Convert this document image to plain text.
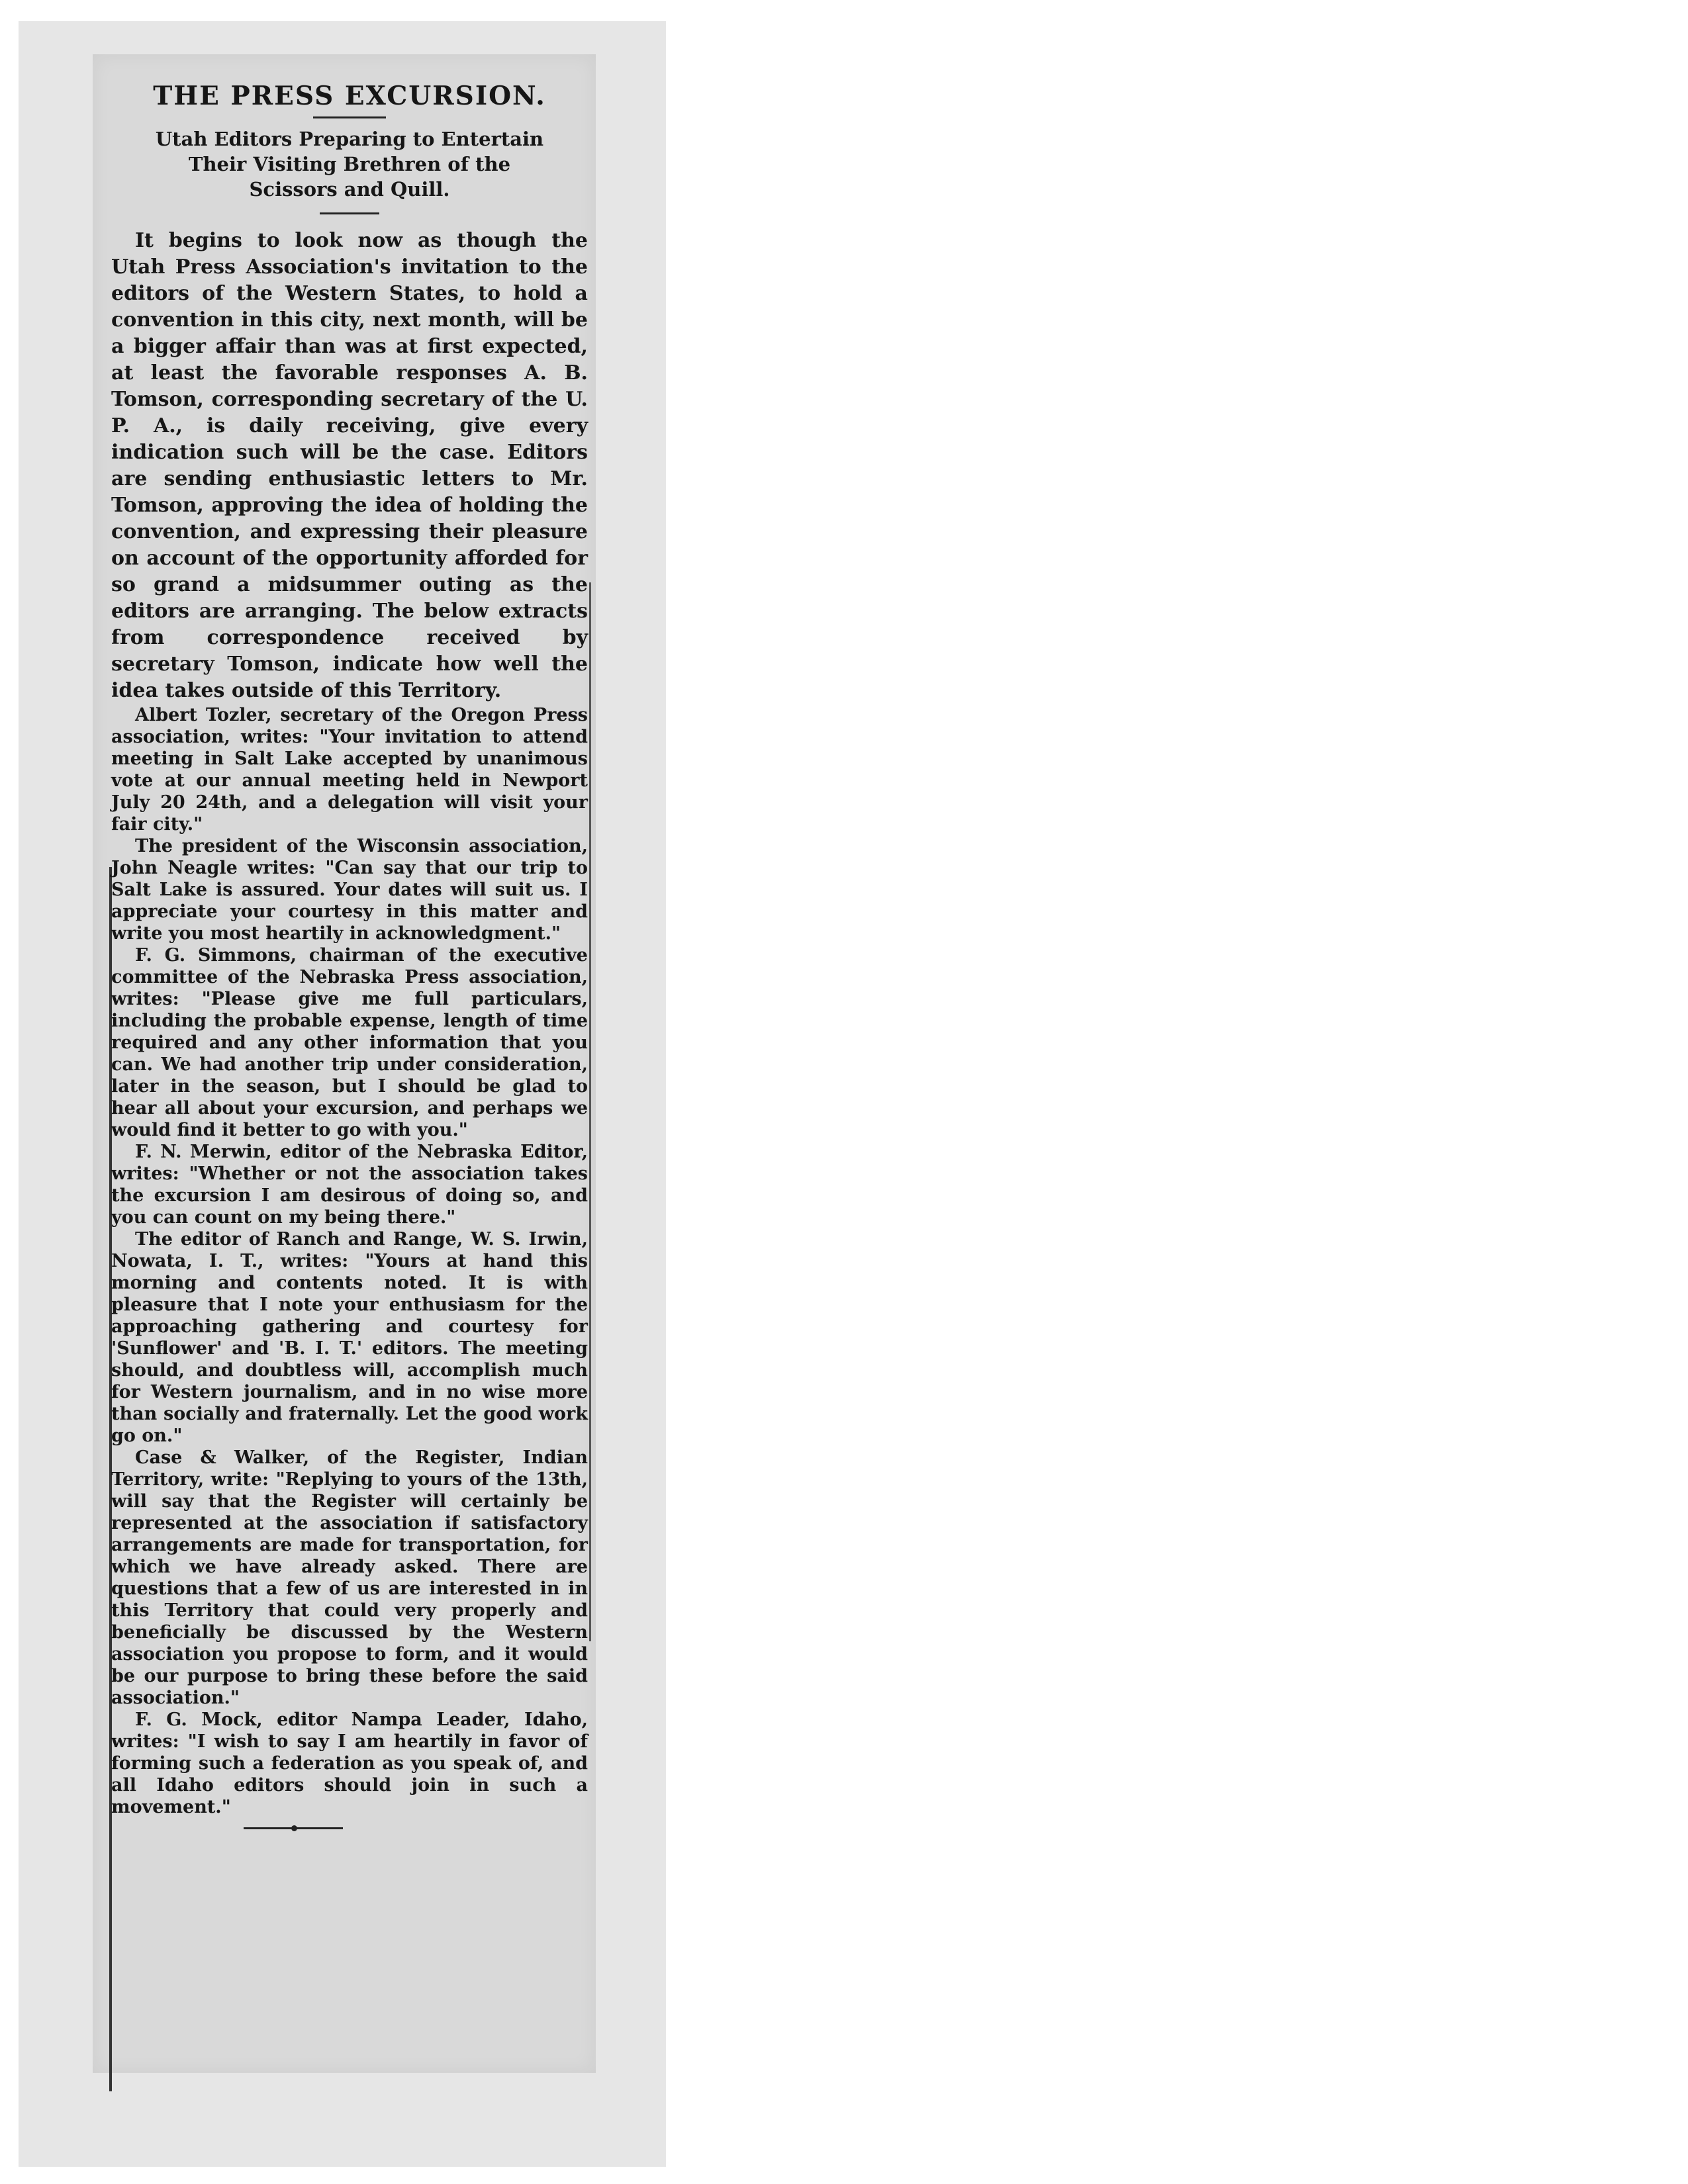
THE PRESS EXCURSION.
Utah Editors Preparing to Entertain Their Visiting Brethren of the Scissors and Quill.

It begins to look now as though the Utah Press Association's invitation to the editors of the Western States, to hold a convention in this city, next month, will be a bigger affair than was at first expected, at least the favorable responses A. B. Tomson, corresponding secretary of the U. P. A., is daily receiving, give every indication such will be the case. Editors are sending enthusiastic letters to Mr. Tomson, approving the idea of holding the convention, and expressing their pleasure on account of the opportunity afforded for so grand a midsummer outing as the editors are arranging. The below extracts from correspondence received by secretary Tomson, indicate how well the idea takes outside of this Territory.

Albert Tozler, secretary of the Oregon Press association, writes: "Your invitation to attend meeting in Salt Lake accepted by unanimous vote at our annual meeting held in Newport July 20 24th, and a delegation will visit your fair city."

The president of the Wisconsin association, John Neagle writes: "Can say that our trip to Salt Lake is assured. Your dates will suit us. I appreciate your courtesy in this matter and write you most heartily in acknowledgment."

F. G. Simmons, chairman of the executive committee of the Nebraska Press association, writes: "Please give me full particulars, including the probable expense, length of time required and any other information that you can. We had another trip under consideration, later in the season, but I should be glad to hear all about your excursion, and perhaps we would find it better to go with you."

F. N. Merwin, editor of the Nebraska Editor, writes: "Whether or not the association takes the excursion I am desirous of doing so, and you can count on my being there."

The editor of Ranch and Range, W. S. Irwin, Nowata, I. T., writes: "Yours at hand this morning and contents noted. It is with pleasure that I note your enthusiasm for the approaching gathering and courtesy for 'Sunflower' and 'B. I. T.' editors. The meeting should, and doubtless will, accomplish much for Western journalism, and in no wise more than socially and fraternally. Let the good work go on."

Case & Walker, of the Register, Indian Territory, write: "Replying to yours of the 13th, will say that the Register will certainly be represented at the association if satisfactory arrangements are made for transportation, for which we have already asked. There are questions that a few of us are interested in in this Territory that could very properly and beneficially be discussed by the Western association you propose to form, and it would be our purpose to bring these before the said association."

F. G. Mock, editor Nampa Leader, Idaho, writes: "I wish to say I am heartily in favor of forming such a federation as you speak of, and all Idaho editors should join in such a movement."
